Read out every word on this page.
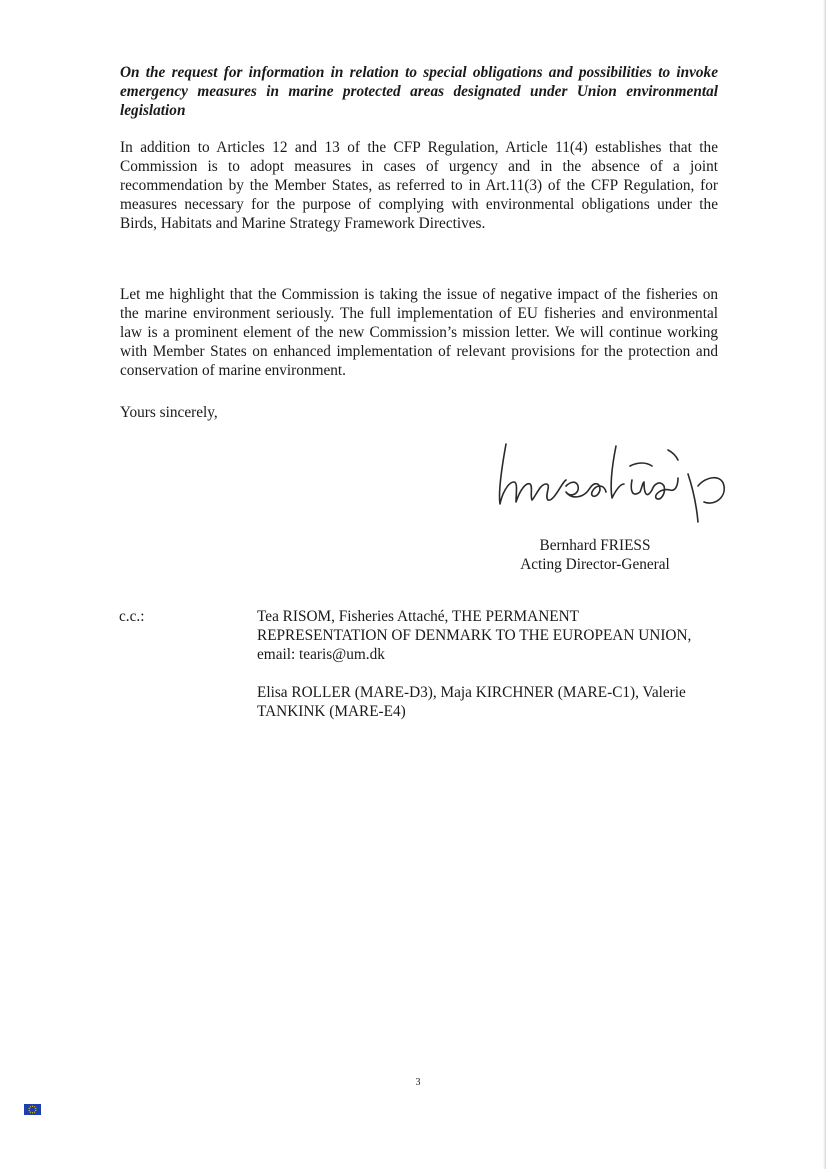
On the request for information in relation to special obligations and possibilities to invoke emergency measures in marine protected areas designated under Union environmental legislation

In addition to Articles 12 and 13 of the CFP Regulation, Article 11(4) establishes that the Commission is to adopt measures in cases of urgency and in the absence of a joint recommendation by the Member States, as referred to in Art.11(3) of the CFP Regulation, for measures necessary for the purpose of complying with environmental obligations under the Birds, Habitats and Marine Strategy Framework Directives.

Let me highlight that the Commission is taking the issue of negative impact of the fisheries on the marine environment seriously. The full implementation of EU fisheries and environmental law is a prominent element of the new Commission’s mission letter. We will continue working with Member States on enhanced implementation of relevant provisions for the protection and conservation of marine environment.

Yours sincerely,

Bernhard FRIESS
Acting Director-General
c.c.:	Tea RISOM, Fisheries Attaché, THE PERMANENT REPRESENTATION OF DENMARK TO THE EUROPEAN UNION, email: tearis@um.dk

Elisa ROLLER (MARE-D3), Maja KIRCHNER (MARE-C1), Valerie TANKINK (MARE-E4)

3
